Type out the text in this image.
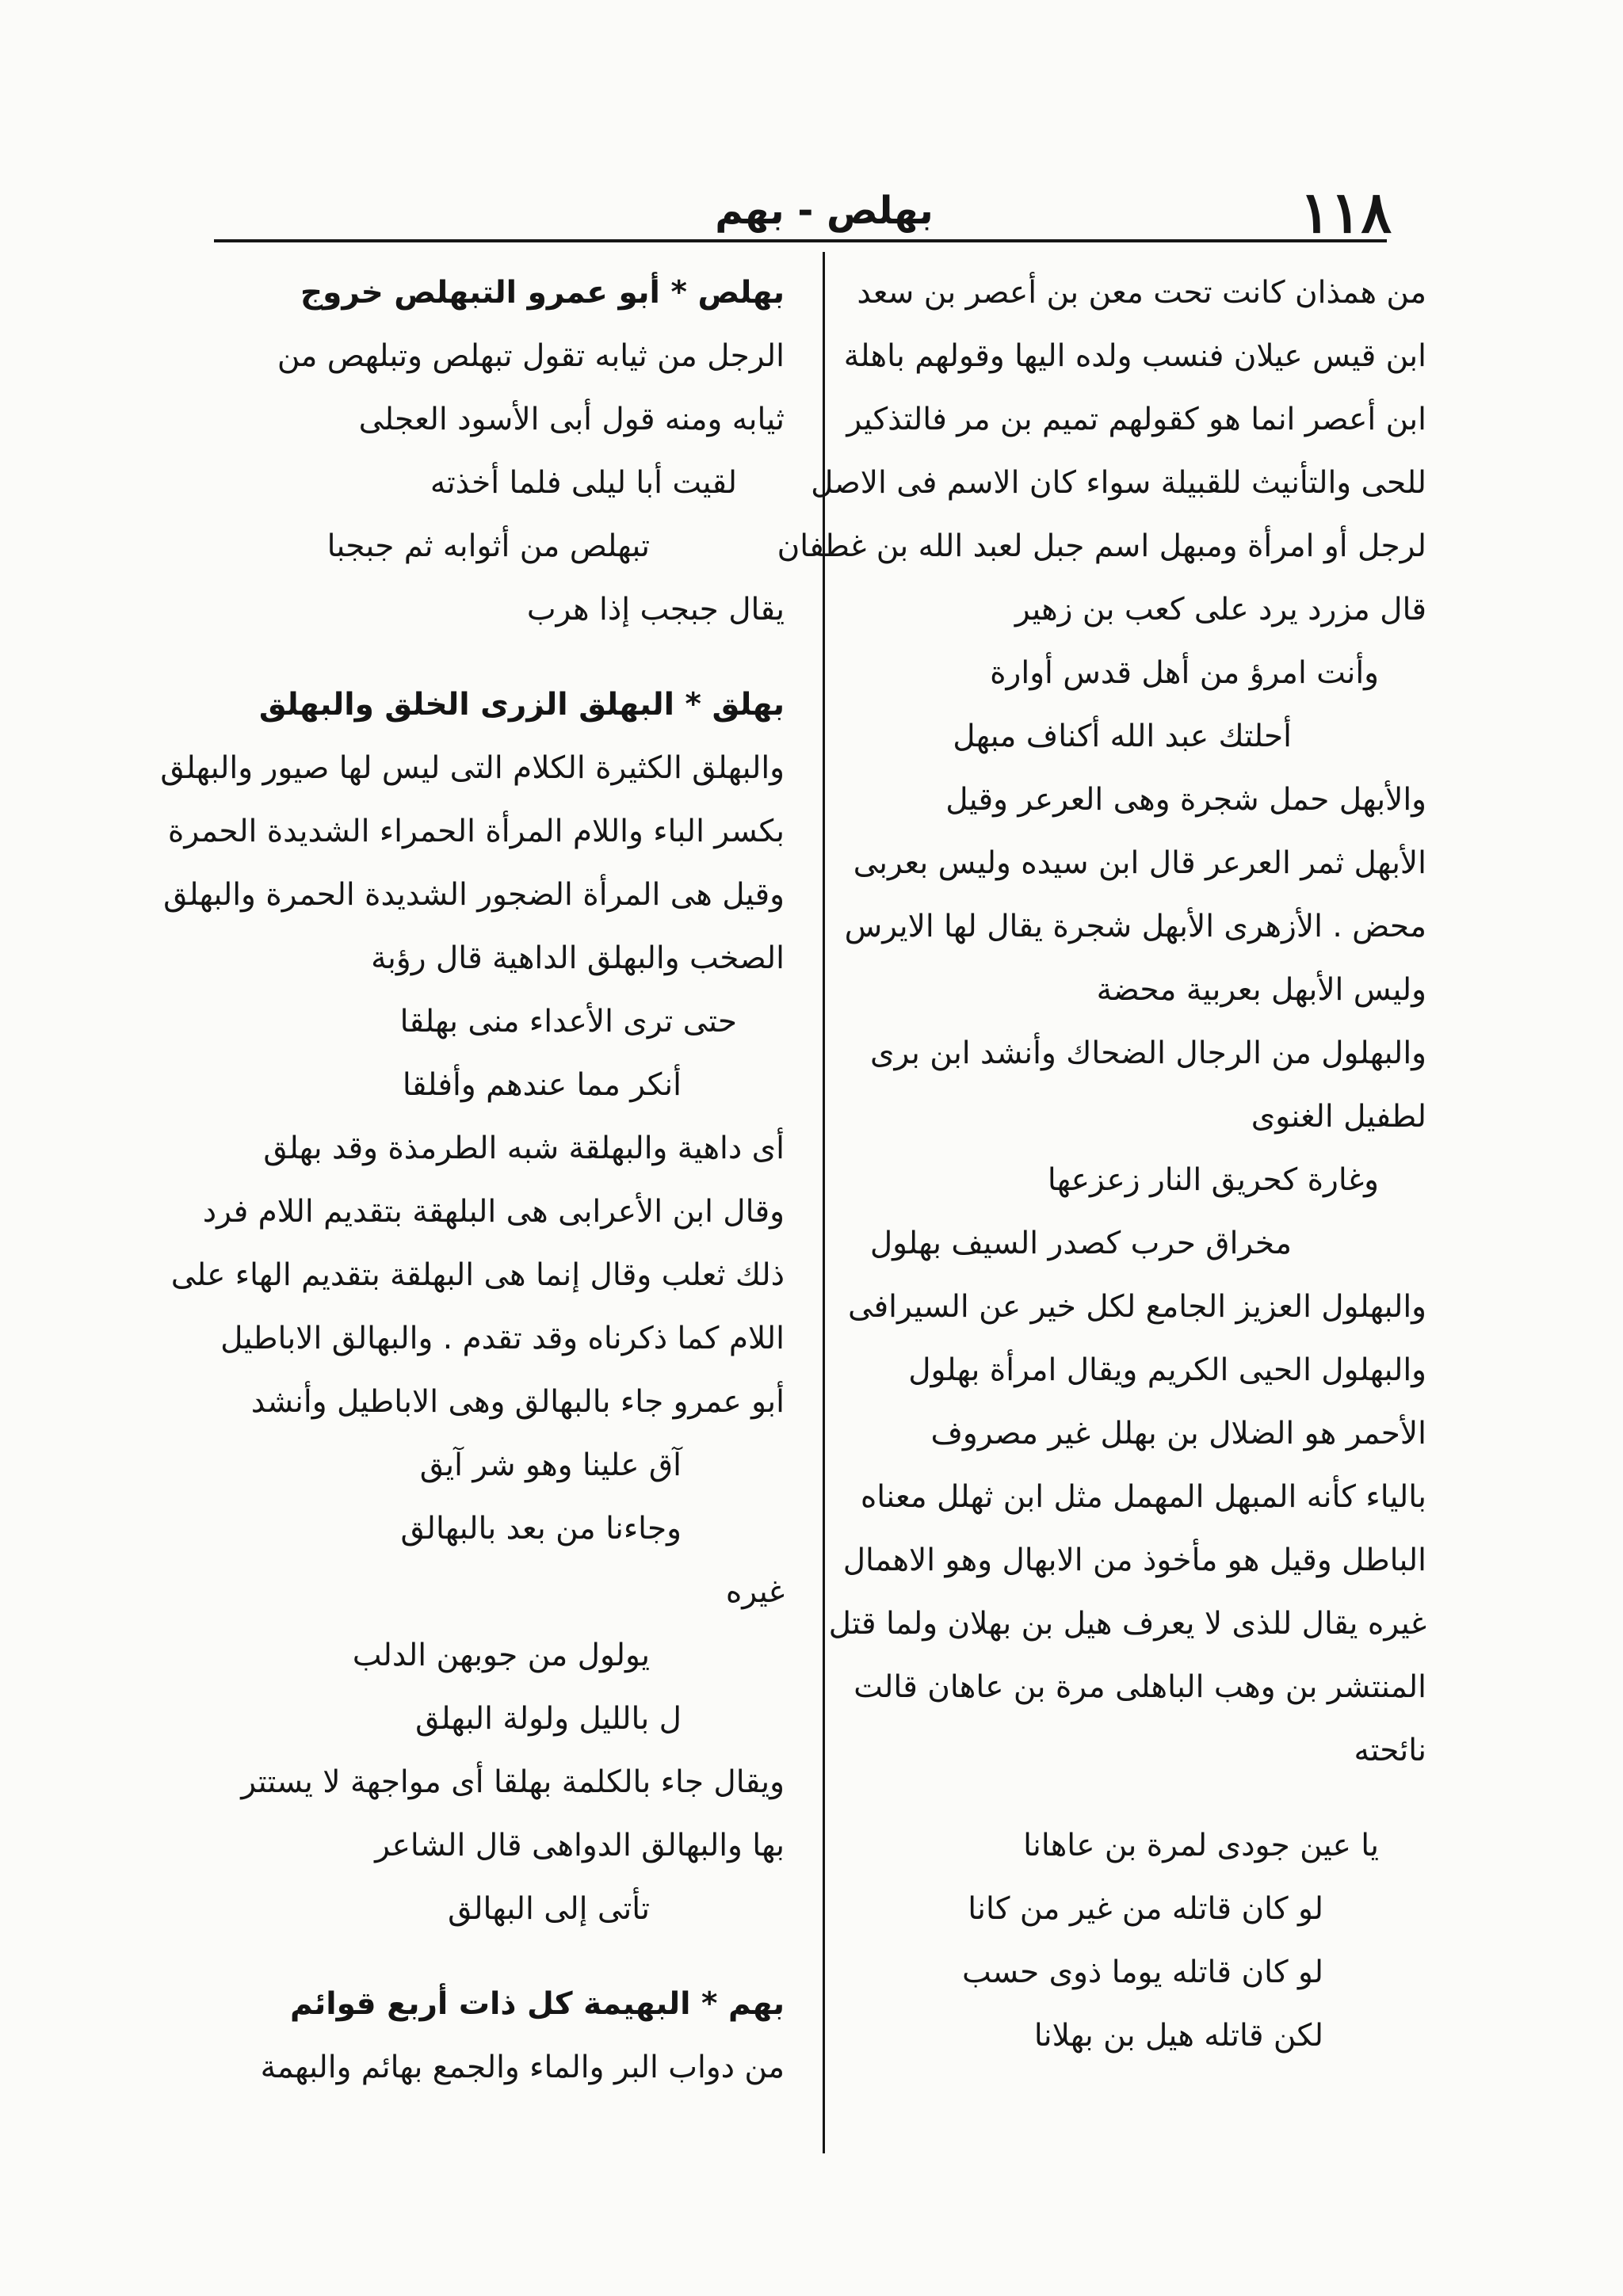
١١٨
بهلص - بهم
من همذان كانت تحت معن بن أعصر بن سعد
ابن قيس عيلان فنسب ولده اليها وقولهم باهلة
ابن أعصر انما هو كقولهم تميم بن مر فالتذكير
للحى والتأنيث للقبيلة سواء كان الاسم فى الاصل
لرجل أو امرأة ومبهل اسم جبل لعبد الله بن غطفان
قال مزرد يرد على كعب بن زهير
وأنت امرؤ من أهل قدس أوارة
أحلتك عبد الله أكناف مبهل
والأبهل حمل شجرة وهى العرعر وقيل
الأبهل ثمر العرعر قال ابن سيده وليس بعربى
محض . الأزهرى الأبهل شجرة يقال لها الايرس
وليس الأبهل بعربية محضة
والبهلول من الرجال الضحاك وأنشد ابن برى
لطفيل الغنوى
وغارة كحريق النار زعزعها
مخراق حرب كصدر السيف بهلول
والبهلول العزيز الجامع لكل خير عن السيرافى
والبهلول الحيى الكريم ويقال امرأة بهلول
الأحمر هو الضلال بن بهلل غير مصروف
بالياء كأنه المبهل المهمل مثل ابن ثهلل معناه
الباطل وقيل هو مأخوذ من الابهال وهو الاهمال
غيره يقال للذى لا يعرف هيل بن بهلان ولما قتل
المنتشر بن وهب الباهلى مرة بن عاهان قالت
نائحته
يا عين جودى لمرة بن عاهانا
لو كان قاتله من غير من كانا
لو كان قاتله يوما ذوى حسب
لكن قاتله هيل بن بهلانا
بهلص * أبو عمرو التبهلص خروج
الرجل من ثيابه تقول تبهلص وتبلهص من
ثيابه ومنه قول أبى الأسود العجلى
لقيت أبا ليلى فلما أخذته
تبهلص من أثوابه ثم جبجبا
يقال جبجب إذا هرب
بهلق * البهلق الزرى الخلق والبهلق
والبهلق الكثيرة الكلام التى ليس لها صيور والبهلق
بكسر الباء واللام المرأة الحمراء الشديدة الحمرة
وقيل هى المرأة الضجور الشديدة الحمرة والبهلق
الصخب والبهلق الداهية قال رؤبة
حتى ترى الأعداء منى بهلقا
أنكر مما عندهم وأفلقا
أى داهية والبهلقة شبه الطرمذة وقد بهلق
وقال ابن الأعرابى هى البلهقة بتقديم اللام فرد
ذلك ثعلب وقال إنما هى البهلقة بتقديم الهاء على
اللام كما ذكرناه وقد تقدم . والبهالق الاباطيل
أبو عمرو جاء بالبهالق وهى الاباطيل وأنشد
آق علينا وهو شر آيق
وجاءنا من بعد بالبهالق
غيره
يولول من جوبهن الدلب
ل بالليل ولولة البهلق
ويقال جاء بالكلمة بهلقا أى مواجهة لا يستتر
بها والبهالق الدواهى قال الشاعر
تأتى إلى البهالق
بهم * البهيمة كل ذات أربع قوائم
من دواب البر والماء والجمع بهائم والبهمة
